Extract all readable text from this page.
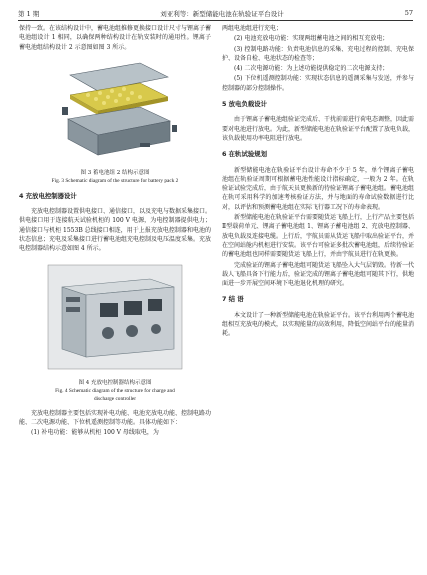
第 1 期	刘亚利等：新型储能电池在轨验证平台设计	57

保持一致。在该结构设计中，蓄电池组推修更换接口设计尺寸与锂离子蓄电池组设计 1 相同，以确保两种结构设计在轨安装时的通用性。锂离子蓄电池组结构设计 2 示意图如图 3 所示。

图 3 蓄电池组 2 结构示意图
Fig. 3 Schematic diagram of the structure for battery pack 2
4 充放电控制器设计

充放电控制器设置供电接口、通信接口，以及充电与数据采集接口。供电接口用于连接航天试验机柜的 100 V 电源，为电控制器提供电力；通信接口与机柜 1553B 总线接口相连，用于上报充放电控制器和电池的状态信息；充电及采集接口进行蓄电池组充电控制及电压温度采集。充放电控制器结构示意如图 4 所示。

图 4 充放电控制器结构示意图
Fig. 4 Schematic diagram of the structure for charge and
discharge controller

充放电控制器主要包括实现补电功能、电池充放电功能、控制电路功能、二次电源功能、下位机遥测控制等功能。具体功能如下：

(1) 补电功能：能够从机柜 100 V 母线取电，为

两组电池组进行充电；

(2) 电池充放电功能：实现两组蓄电池之间的相互充放电；

(3) 控制电路功能：负责电池信息的采集、充电过程的控制、充电保护、设备自检、电池状态的检查等；

(4) 二次电源功能：为上述功能提供稳定的二次电源支持；

(5) 下位机遥测控制功能：实现状态信息的遥测采集与发送，并参与控制器的部分控制操作。

5 放电负载设计

由于锂离子蓄电池组验证完成后、干扰前需进行荷电态调整，因此需要对电池进行放电。为此，新型储能电池在轨验证平台配置了放电负载，该负载使用功率电阻进行放电。

6 在轨试验规划

新型储能电池在轨验证平台设计寿命不少于 5 年，单个锂离子蓄电池组在轨验证周期可根据蓄电池性能设计指标确定，一般为 2 年。在轨验证试验完成后，由于航天员更换新的待验证锂离子蓄电池组。蓄电池组在轨可采用科学的加速考核验证方法，并与地面的寿命试验数据进行比对，以评估和预测蓄电池组在实际飞行器工况下的寿命表现。

新型储能电池在轨验证平台需要随货运飞船上行，上行产品主要包括Ⅱ型载荷单元、锂离子蓄电池组 1、锂离子蓄电池组 2、充放电控制器、放电负载及连接电缆。上行后，宇航员需从货运飞船中取出验证平台，并在空间站舱内机柜进行安装。该平台可验证多批次蓄电池组，后续待验证的蓄电池组也同样需要随货运飞船上行，并由宇航员进行在轨更换。

完成验证的锂离子蓄电池组可随货运飞船坠入大气层销毁。待新一代载人飞船具备下行能力后，验证完成的锂离子蓄电池组可随其下行，供地面进一步开展空间环境下电池退化机理的研究。

7 结 语

本文设计了一种新型储能电池在轨验证平台。该平台利用两个蓄电池组相互充放电的模式，以实现能量的高效利用，降低空间站平台的能量消耗。
